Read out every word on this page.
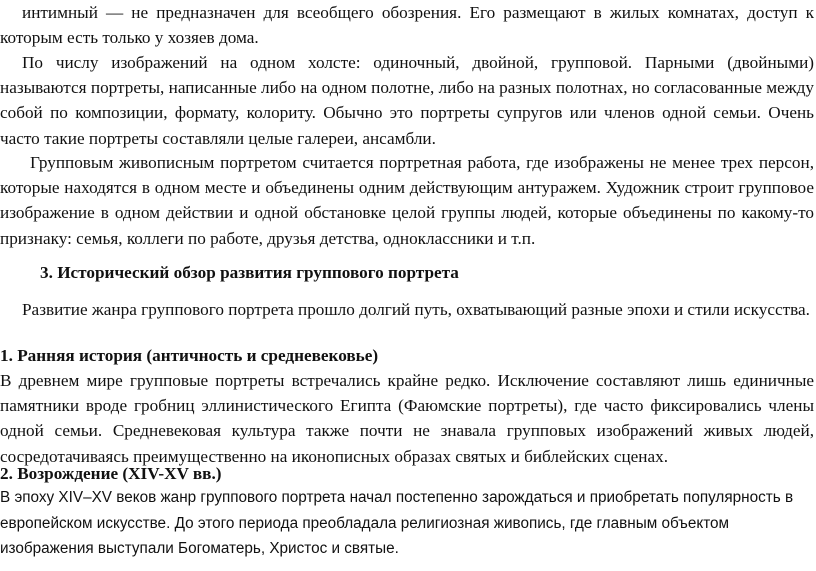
интимный — не предназначен для всеобщего обозрения. Его размещают в жилых комнатах, доступ к которым есть только у хозяев дома.

По числу изображений на одном холсте: одиночный, двойной, групповой. Парными (двойными) называются портреты, написанные либо на одном полотне, либо на разных полотнах, но согласованные между собой по композиции, формату, колориту. Обычно это портреты супругов или членов одной семьи. Очень часто такие портреты составляли целые галереи, ансамбли.

Групповым живописным портретом считается портретная работа, где изображены не менее трех персон, которые находятся в одном месте и объединены одним действующим антуражем. Художник строит групповое изображение в одном действии и одной обстановке целой группы людей, которые объединены по какому-то признаку: семья, коллеги по работе, друзья детства, одноклассники и т.п.

3. Исторический обзор развития группового портрета

Развитие жанра группового портрета прошло долгий путь, охватывающий разные эпохи и стили искусства.

1. Ранняя история (античность и средневековье)

В древнем мире групповые портреты встречались крайне редко. Исключение составляют лишь единичные памятники вроде гробниц эллинистического Египта (Фаюмские портреты), где часто фиксировались члены одной семьи. Средневековая культура также почти не знавала групповых изображений живых людей, сосредотачиваясь преимущественно на иконописных образах святых и библейских сценах.

2. Возрождение (XIV-XV вв.)

В эпоху XIV–XV веков жанр группового портрета начал постепенно зарождаться и приобретать популярность в европейском искусстве. До этого периода преобладала религиозная живопись, где главным объектом изображения выступали Богоматерь, Христос и святые.
